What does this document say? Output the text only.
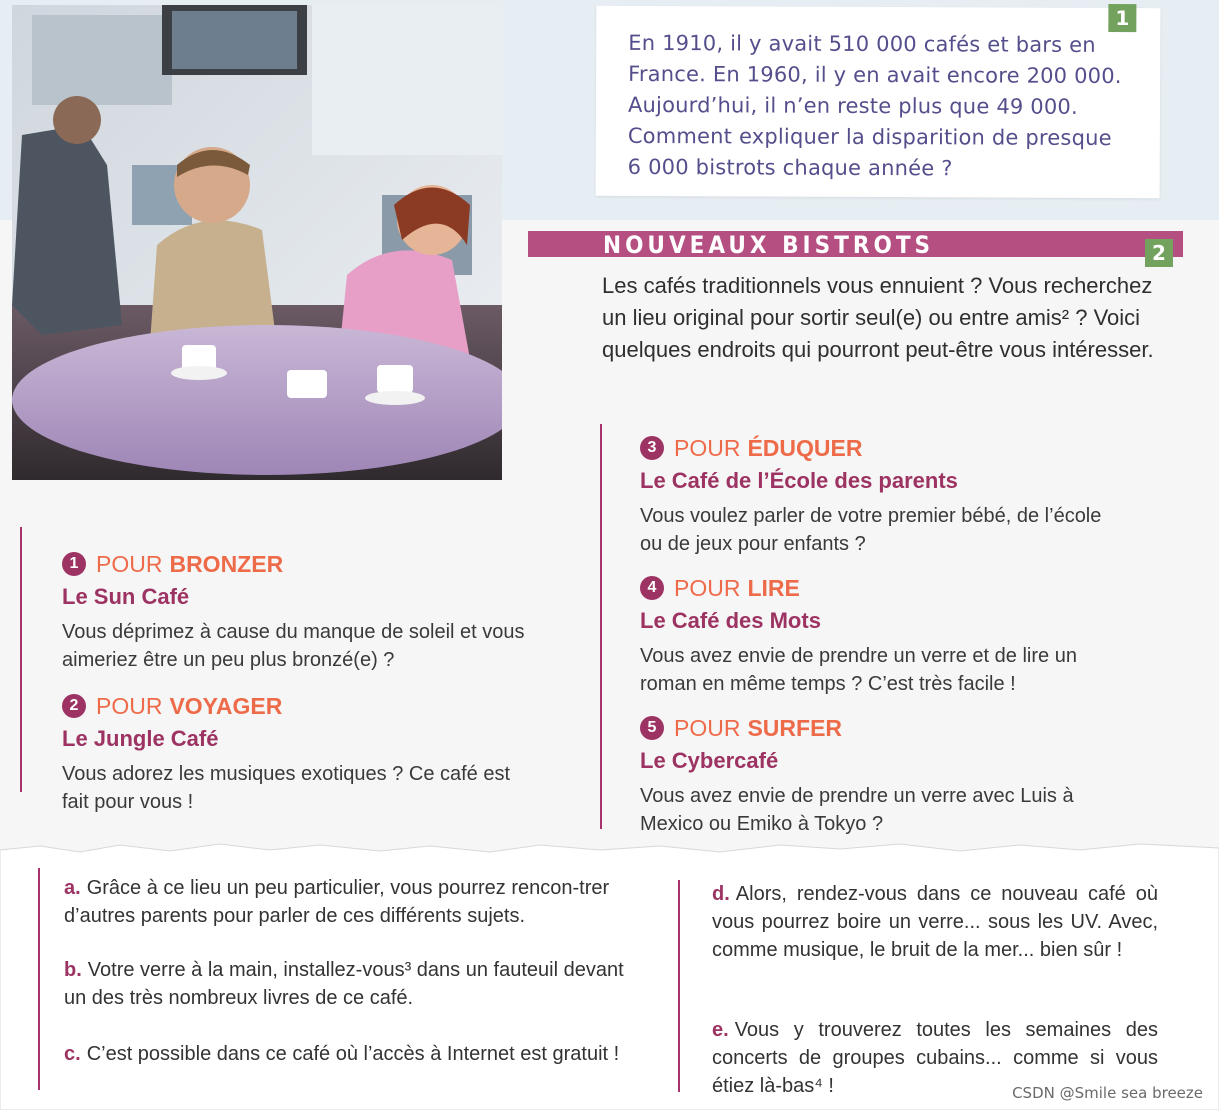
1
En 1910, il y avait 510 000 cafés et bars en France. En 1960, il y en avait encore 200 000. Aujourd’hui, il n’en reste plus que 49 000. Comment expliquer la disparition de presque 6 000 bistrots chaque année ?
NOUVEAUX BISTROTS	2
Les cafés traditionnels vous ennuient ? Vous recherchez un lieu original pour sortir seul(e) ou entre amis² ? Voici quelques endroits qui pourront peut-être vous intéresser.
1 POUR BRONZER
Le Sun Café
Vous déprimez à cause du manque de soleil et vous aimeriez être un peu plus bronzé(e) ?
2 POUR VOYAGER
Le Jungle Café
Vous adorez les musiques exotiques ? Ce café est fait pour vous !
3 POUR ÉDUQUER
Le Café de l’École des parents
Vous voulez parler de votre premier bébé, de l’école ou de jeux pour enfants ?
4 POUR LIRE
Le Café des Mots
Vous avez envie de prendre un verre et de lire un roman en même temps ? C’est très facile !
5 POUR SURFER
Le Cybercafé
Vous avez envie de prendre un verre avec Luis à Mexico ou Emiko à Tokyo ?
a. Grâce à ce lieu un peu particulier, vous pourrez rencon-trer d’autres parents pour parler de ces différents sujets.
b. Votre verre à la main, installez-vous³ dans un fauteuil devant un des très nombreux livres de ce café.
c. C’est possible dans ce café où l’accès à Internet est gratuit !
d. Alors, rendez-vous dans ce nouveau café où vous pourrez boire un verre... sous les UV. Avec, comme musique, le bruit de la mer... bien sûr !
e. Vous y trouverez toutes les semaines des concerts de groupes cubains... comme si vous étiez là-bas⁴ !	CSDN @Smile sea breeze
